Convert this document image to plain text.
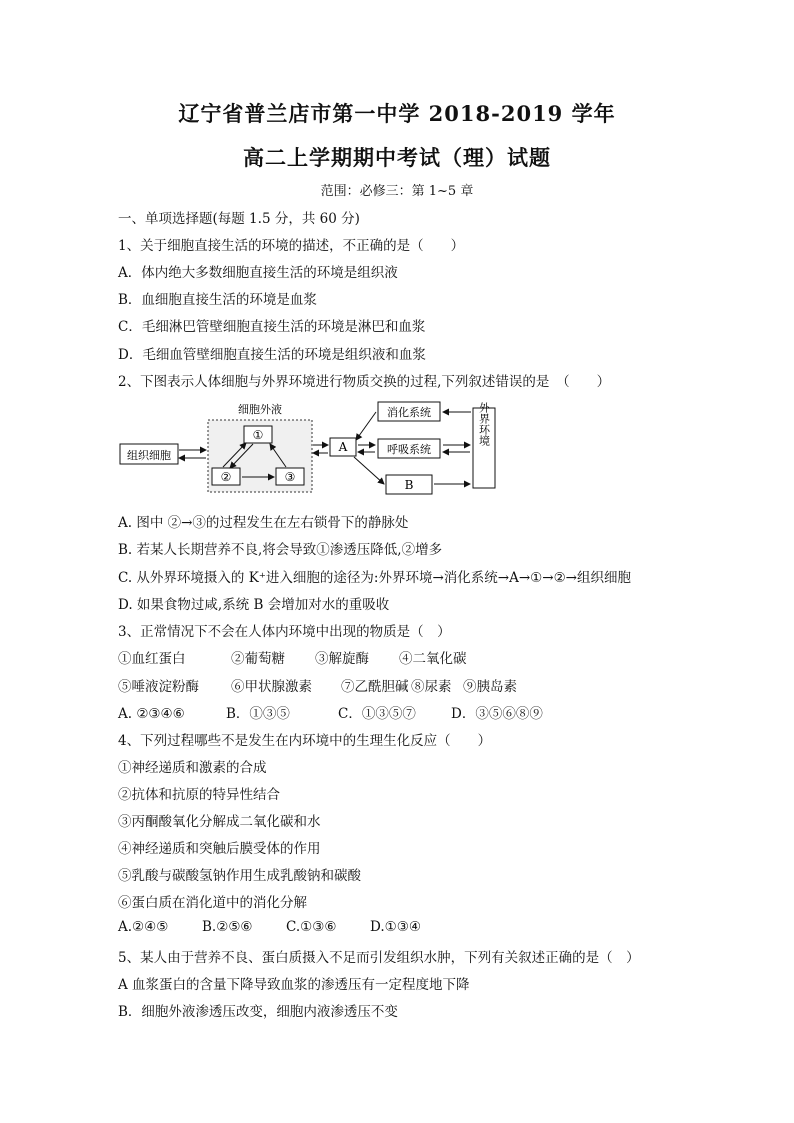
辽宁省普兰店市第一中学 2018-2019 学年
高二上学期期中考试（理）试题
范围：必修三：第 1~5 章
一、单项选择题(每题 1.5 分，共 60 分)
1、关于细胞直接生活的环境的描述，不正确的是（　　）
A．体内绝大多数细胞直接生活的环境是组织液
B．血细胞直接生活的环境是血浆
C．毛细淋巴管壁细胞直接生活的环境是淋巴和血浆
D．毛细血管壁细胞直接生活的环境是组织液和血浆
2、下图表示人体细胞与外界环境进行物质交换的过程,下列叙述错误的是　（　　）
细胞外液
①
②	③
组织细胞
A
消化系统
呼吸系统
B
外界环境
A. 图中 ②→③的过程发生在左右锁骨下的静脉处
B. 若某人长期营养不良,将会导致①渗透压降低,②增多
C. 从外界环境摄入的 K⁺进入细胞的途径为:外界环境→消化系统→A→①→②→组织细胞
D. 如果食物过咸,系统 B 会增加对水的重吸收
3、正常情况下不会在人体内环境中出现的物质是（　）
①血红蛋白	②葡萄糖 ③解旋酶 ④二氧化碳
⑤唾液淀粉酶 ⑥甲状腺激素 ⑦乙酰胆碱 ⑧尿素 ⑨胰岛素
A. ②③④⑥	B．①③⑤	C．①③⑤⑦	D．③⑤⑥⑧⑨
4、下列过程哪些不是发生在内环境中的生理生化反应（　　）
①神经递质和激素的合成
②抗体和抗原的特异性结合
③丙酮酸氧化分解成二氧化碳和水
④神经递质和突触后膜受体的作用
⑤乳酸与碳酸氢钠作用生成乳酸钠和碳酸
⑥蛋白质在消化道中的消化分解
A.②④⑤ B.②⑤⑥ C.①③⑥ D.①③④
5、某人由于营养不良、蛋白质摄入不足而引发组织水肿，下列有关叙述正确的是（　）
A 血浆蛋白的含量下降导致血浆的渗透压有一定程度地下降
B．细胞外液渗透压改变，细胞内液渗透压不变
